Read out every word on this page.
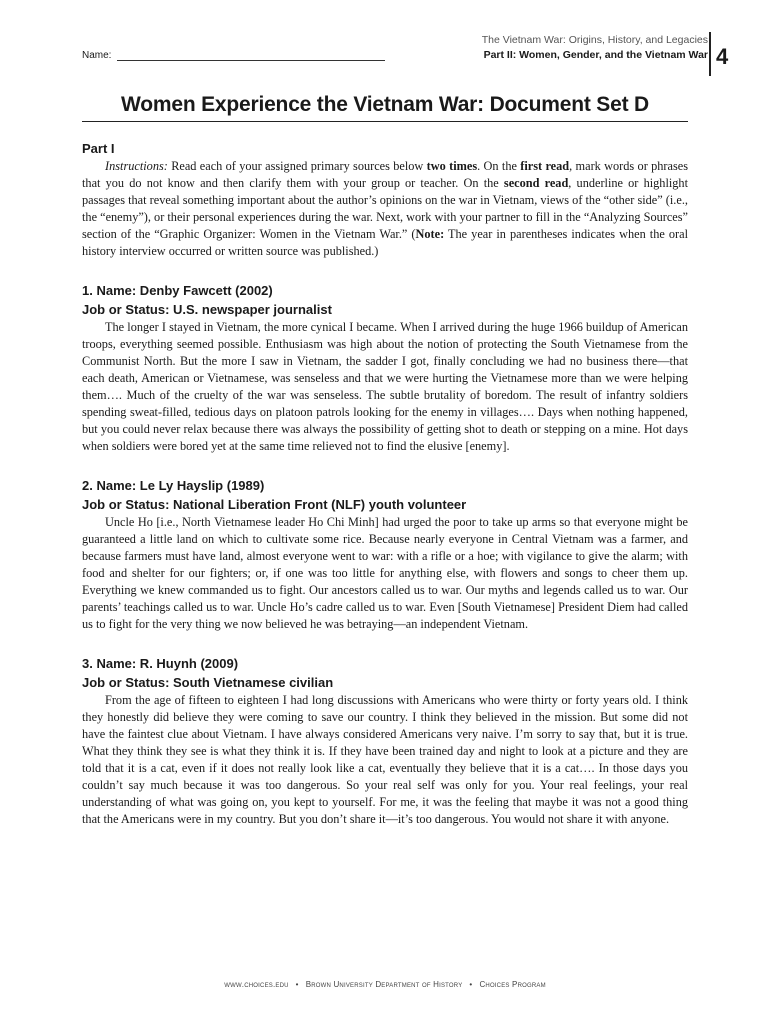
Name:
The Vietnam War: Origins, History, and Legacies
Part II: Women, Gender, and the Vietnam War 4
Women Experience the Vietnam War: Document Set D
Part I

Instructions: Read each of your assigned primary sources below two times. On the first read, mark words or phrases that you do not know and then clarify them with your group or teacher. On the second read, underline or highlight passages that reveal something important about the author’s opinions on the war in Vietnam, views of the “other side” (i.e., the “enemy”), or their personal experiences during the war. Next, work with your partner to fill in the “Analyzing Sources” section of the “Graphic Organizer: Women in the Vietnam War.” (Note: The year in parentheses indicates when the oral history interview occurred or written source was published.)

1. Name: Denby Fawcett (2002)
Job or Status: U.S. newspaper journalist

The longer I stayed in Vietnam, the more cynical I became. When I arrived during the huge 1966 buildup of American troops, everything seemed possible. Enthusiasm was high about the notion of protecting the South Vietnamese from the Communist North. But the more I saw in Vietnam, the sadder I got, finally concluding we had no business there—that each death, American or Vietnamese, was senseless and that we were hurting the Vietnamese more than we were helping them…. Much of the cruelty of the war was senseless. The subtle brutality of boredom. The result of infantry soldiers spending sweat-filled, tedious days on platoon patrols looking for the enemy in villages…. Days when nothing happened, but you could never relax because there was always the possibility of getting shot to death or stepping on a mine. Hot days when soldiers were bored yet at the same time relieved not to find the elusive [enemy].

2. Name: Le Ly Hayslip (1989)
Job or Status: National Liberation Front (NLF) youth volunteer

Uncle Ho [i.e., North Vietnamese leader Ho Chi Minh] had urged the poor to take up arms so that everyone might be guaranteed a little land on which to cultivate some rice. Because nearly everyone in Central Vietnam was a farmer, and because farmers must have land, almost everyone went to war: with a rifle or a hoe; with vigilance to give the alarm; with food and shelter for our fighters; or, if one was too little for anything else, with flowers and songs to cheer them up. Everything we knew commanded us to fight. Our ancestors called us to war. Our myths and legends called us to war. Our parents’ teachings called us to war. Uncle Ho’s cadre called us to war. Even [South Vietnamese] President Diem had called us to fight for the very thing we now believed he was betraying—an independent Vietnam.

3. Name: R. Huynh (2009)
Job or Status: South Vietnamese civilian

From the age of fifteen to eighteen I had long discussions with Americans who were thirty or forty years old. I think they honestly did believe they were coming to save our country. I think they believed in the mission. But some did not have the faintest clue about Vietnam. I have always considered Americans very naive. I’m sorry to say that, but it is true. What they think they see is what they think it is. If they have been trained day and night to look at a picture and they are told that it is a cat, even if it does not really look like a cat, eventually they believe that it is a cat…. In those days you couldn’t say much because it was too dangerous. So your real self was only for you. Your real feelings, your real understanding of what was going on, you kept to yourself. For me, it was the feeling that maybe it was not a good thing that the Americans were in my country. But you don’t share it—it’s too dangerous. You would not share it with anyone.

www.choices.edu • Brown University Department of History • Choices Program
